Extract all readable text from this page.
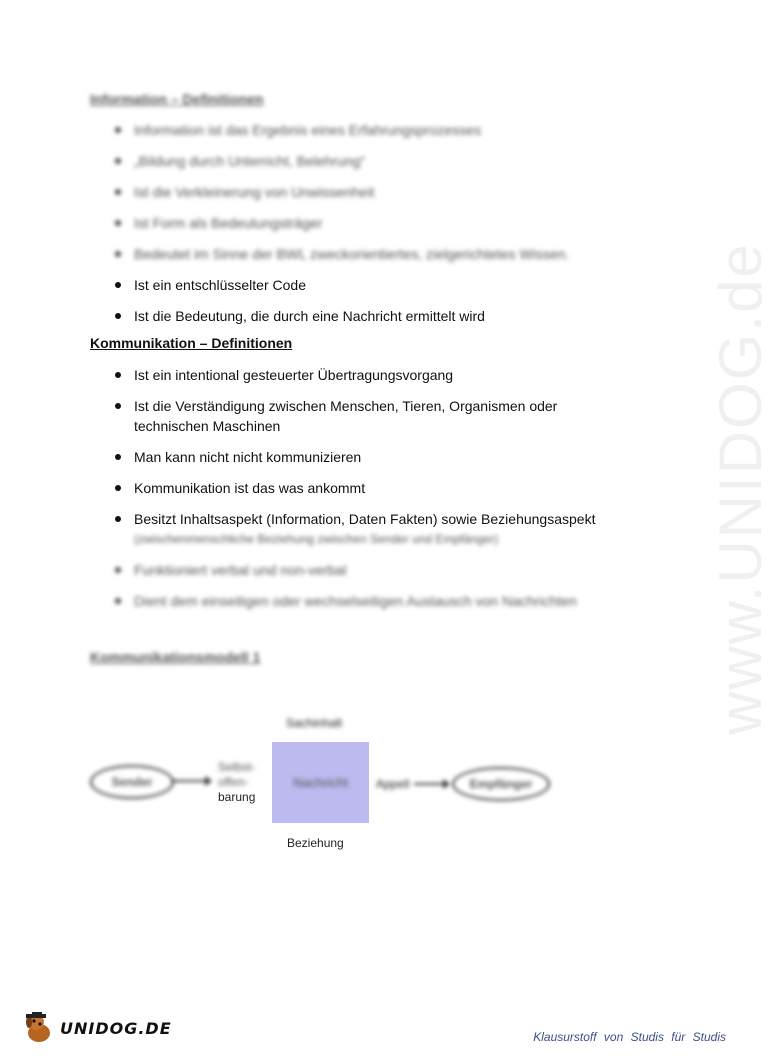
www.UNIDOG.de
Information – Definitionen
Information ist das Ergebnis eines Erfahrungsprozesses
„Bildung durch Unterricht, Belehrung“
Ist die Verkleinerung von Unwissenheit
Ist Form als Bedeutungsträger
Bedeutet im Sinne der BWL zweckorientiertes, zielgerichtetes Wissen.
Ist ein entschlüsselter Code
Ist die Bedeutung, die durch eine Nachricht ermittelt wird
Kommunikation – Definitionen
Ist ein intentional gesteuerter Übertragungsvorgang
Ist die Verständigung zwischen Menschen, Tieren, Organismen oder technischen Maschinen
Man kann nicht nicht kommunizieren
Kommunikation ist das was ankommt
Besitzt Inhaltsaspekt (Information, Daten Fakten) sowie Beziehungsaspekt
(zwischenmenschliche Beziehung zwischen Sender und Empfänger)
Funktioniert verbal und non-verbal
Dient dem einseitigen oder wechselseitigen Austausch von Nachrichten
Kommunikationsmodell 1
Sachinhalt
Sender
Selbst-
offen-
barung
Nachricht Appell	Empfänger
Beziehung
UNIDOG.DE	Klausurstoff von Studis für Studis
